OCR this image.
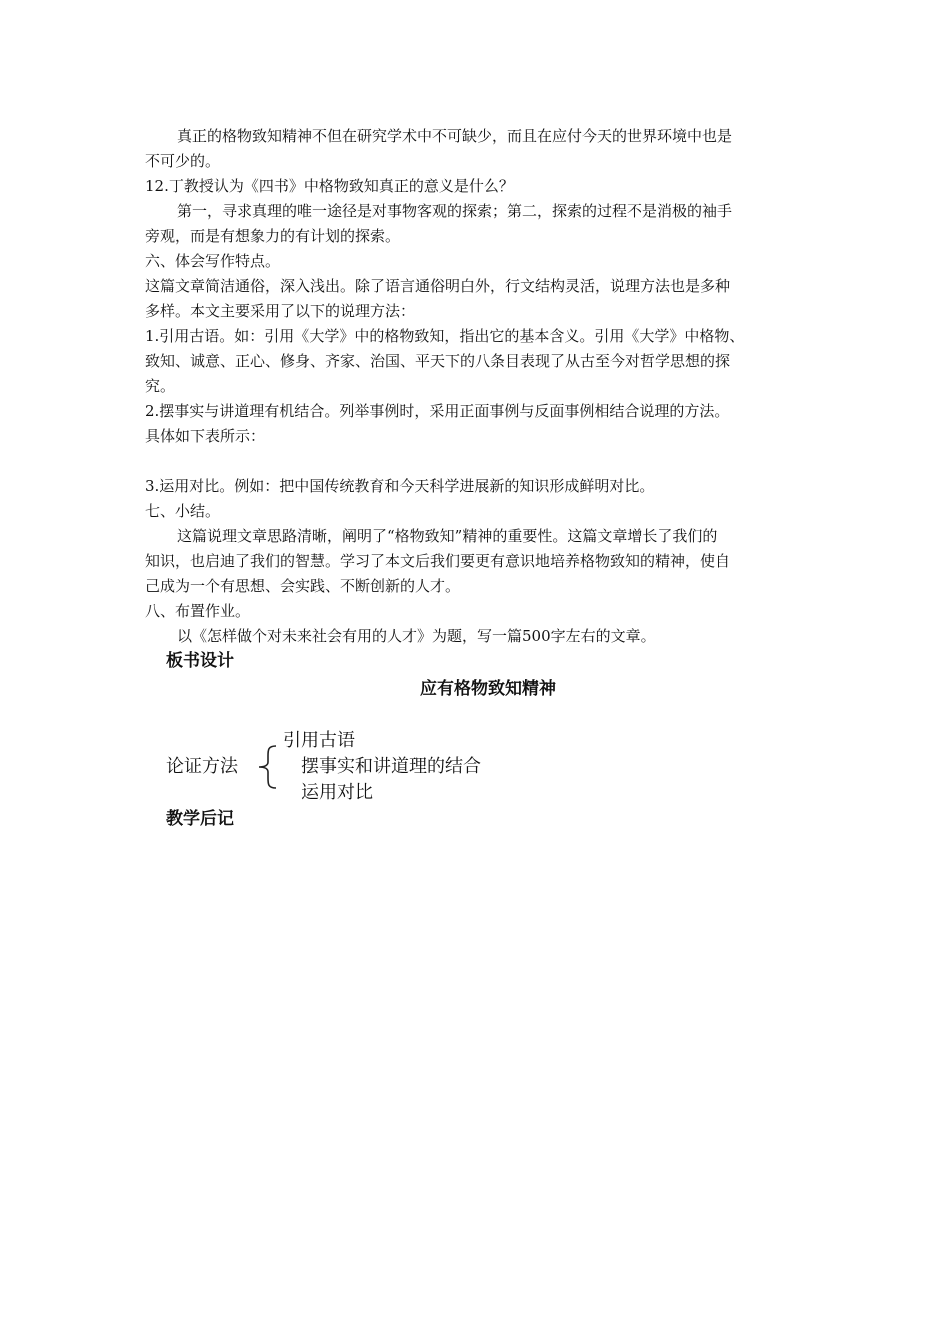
真正的格物致知精神不但在研究学术中不可缺少，而且在应付今天的世界环境中也是
不可少的。
12.丁教授认为《四书》中格物致知真正的意义是什么？
第一，寻求真理的唯一途径是对事物客观的探索；第二，探索的过程不是消极的袖手
旁观，而是有想象力的有计划的探索。
六、体会写作特点。
这篇文章简洁通俗，深入浅出。除了语言通俗明白外，行文结构灵活，说理方法也是多种
多样。本文主要采用了以下的说理方法：
1.引用古语。如：引用《大学》中的格物致知，指出它的基本含义。引用《大学》中格物、
致知、诚意、正心、修身、齐家、治国、平天下的八条目表现了从古至今对哲学思想的探
究。
2.摆事实与讲道理有机结合。列举事例时，采用正面事例与反面事例相结合说理的方法。
具体如下表所示：
3.运用对比。例如：把中国传统教育和今天科学进展新的知识形成鲜明对比。
七、小结。
这篇说理文章思路清晰，阐明了“格物致知”精神的重要性。这篇文章增长了我们的
知识，也启迪了我们的智慧。学习了本文后我们要更有意识地培养格物致知的精神，使自
己成为一个有思想、会实践、不断创新的人才。
八、布置作业。
以《怎样做个对未来社会有用的人才》为题，写一篇500字左右的文章。
板书设计
应有格物致知精神
论证方法
引用古语
摆事实和讲道理的结合
运用对比
教学后记
